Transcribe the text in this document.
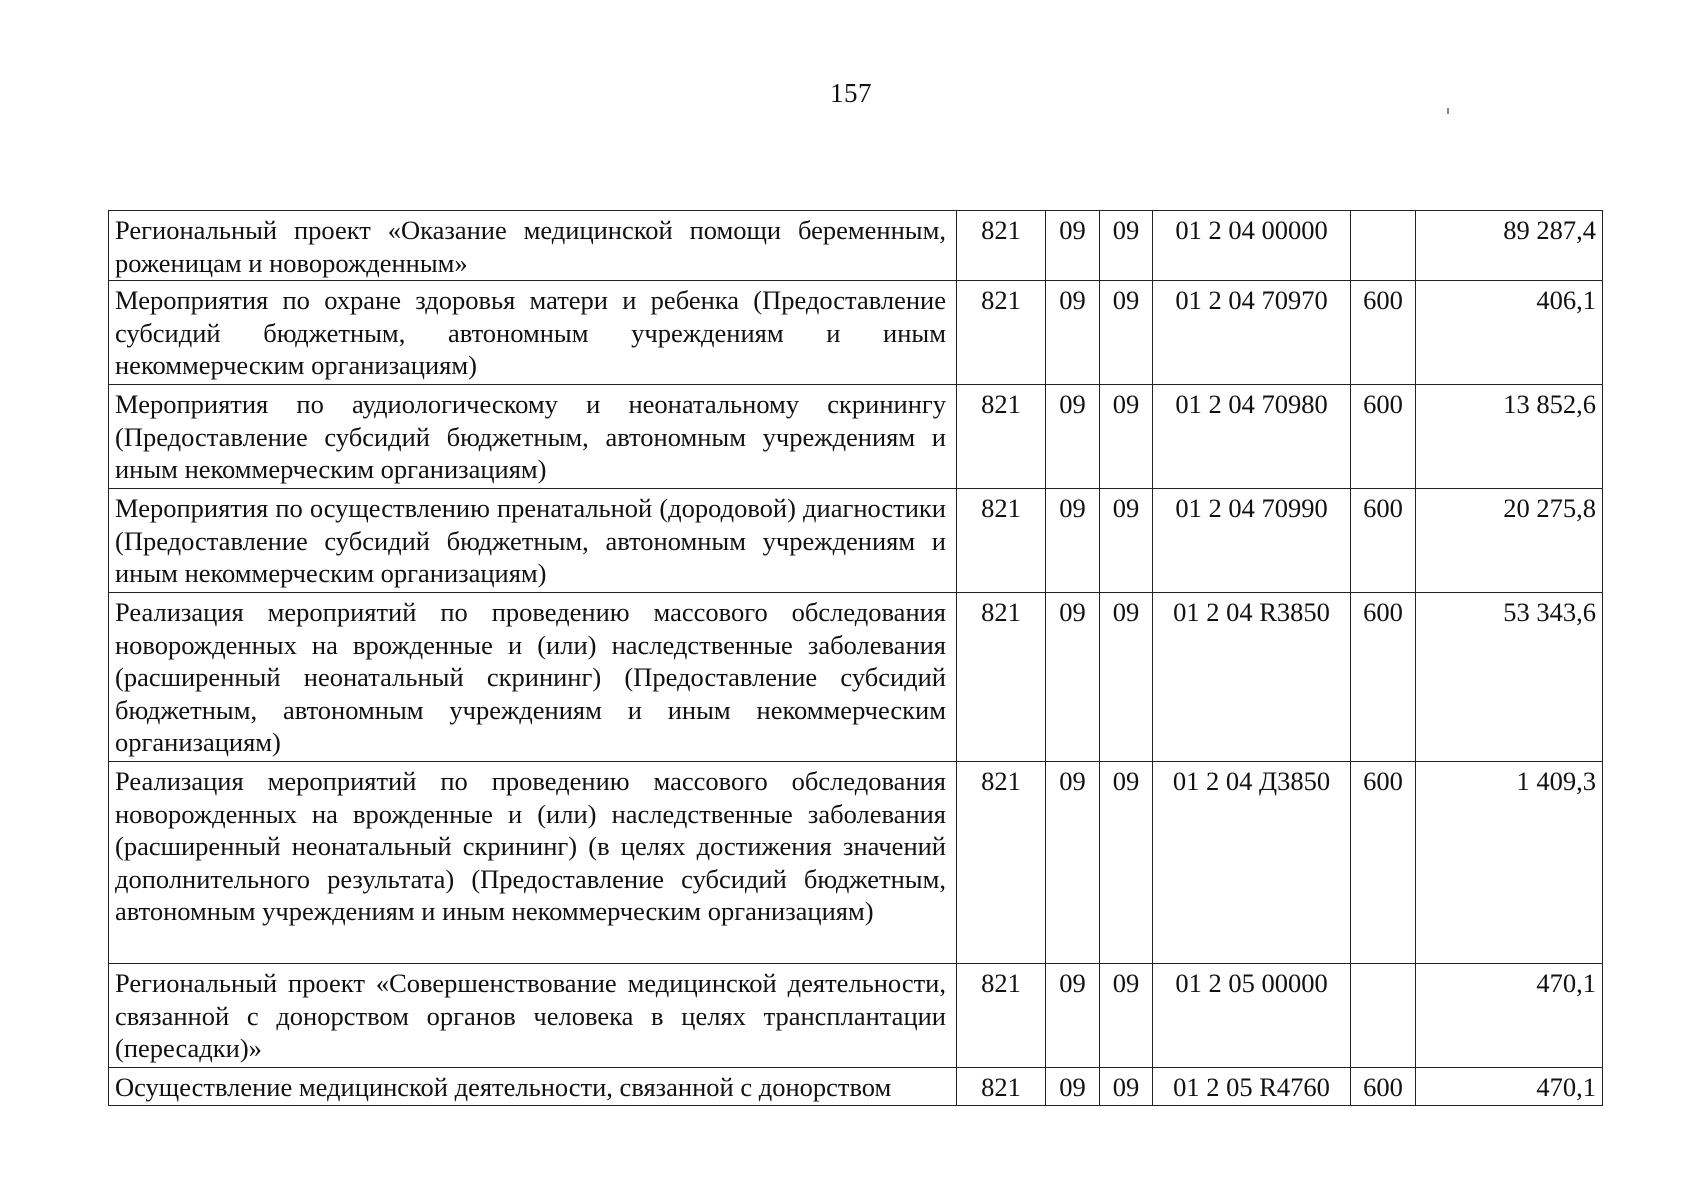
157
Региональный проект «Оказание медицинской помощи беременным, роженицам и новорожденным»	821	09	09	01 2 04 00000		89 287,4
Мероприятия по охране здоровья матери и ребенка (Предоставление субсидий бюджетным, автономным учреждениям и иным некоммерческим организациям)	821	09	09	01 2 04 70970	600	406,1
Мероприятия по аудиологическому и неонатальному скринингу (Предоставление субсидий бюджетным, автономным учреждениям и иным некоммерческим организациям)	821	09	09	01 2 04 70980	600	13 852,6
Мероприятия по осуществлению пренатальной (дородовой) диагностики (Предоставление субсидий бюджетным, автономным учреждениям и иным некоммерческим организациям)	821	09	09	01 2 04 70990	600	20 275,8
Реализация мероприятий по проведению массового обследования новорожденных на врожденные и (или) наследственные заболевания (расширенный неонатальный скрининг) (Предоставление субсидий бюджетным, автономным учреждениям и иным некоммерческим организациям)	821	09	09	01 2 04 R3850	600	53 343,6
Реализация мероприятий по проведению массового обследования новорожденных на врожденные и (или) наследственные заболевания (расширенный неонатальный скрининг) (в целях достижения значений дополнительного результата) (Предоставление субсидий бюджетным, автономным учреждениям и иным некоммерческим организациям)	821	09	09	01 2 04 Д3850	600	1 409,3
Региональный проект «Совершенствование медицинской деятельности, связанной с донорством органов человека в целях трансплантации (пересадки)»	821	09	09	01 2 05 00000		470,1
Осуществление медицинской деятельности, связанной с донорством	821	09	09	01 2 05 R4760	600	470,1
